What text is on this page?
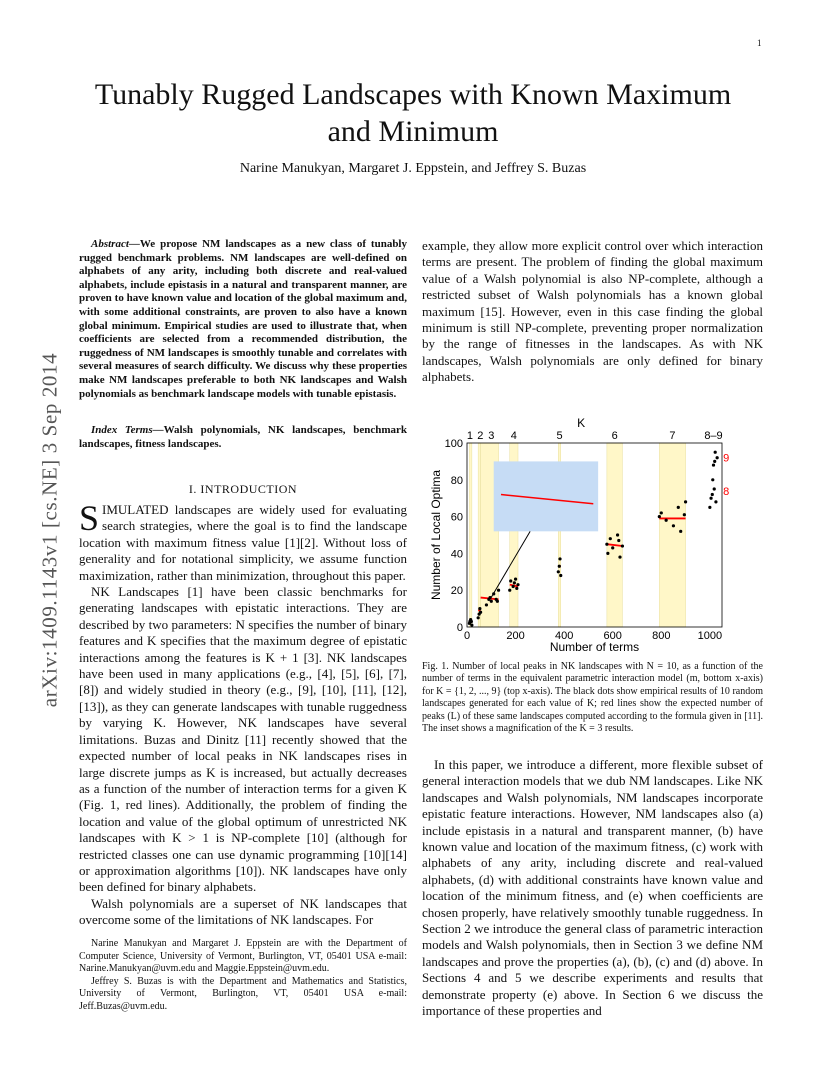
1
arXiv:1409.1143v1 [cs.NE] 3 Sep 2014
Tunably Rugged Landscapes with Known Maximum and Minimum
Narine Manukyan, Margaret J. Eppstein, and Jeffrey S. Buzas

Abstract—We propose NM landscapes as a new class of tunably rugged benchmark problems. NM landscapes are well-defined on alphabets of any arity, including both discrete and real-valued alphabets, include epistasis in a natural and transparent manner, are proven to have known value and location of the global maximum and, with some additional constraints, are proven to also have a known global minimum. Empirical studies are used to illustrate that, when coefficients are selected from a recommended distribution, the ruggedness of NM landscapes is smoothly tunable and correlates with several measures of search difficulty. We discuss why these properties make NM landscapes preferable to both NK landscapes and Walsh polynomials as benchmark landscape models with tunable epistasis.

Index Terms—Walsh polynomials, NK landscapes, benchmark landscapes, fitness landscapes.

I. INTRODUCTION

SIMULATED landscapes are widely used for evaluating search strategies, where the goal is to find the landscape location with maximum fitness value [1][2]. Without loss of generality and for notational simplicity, we assume function maximization, rather than minimization, throughout this paper.

NK Landscapes [1] have been classic benchmarks for generating landscapes with epistatic interactions. They are described by two parameters: N specifies the number of binary features and K specifies that the maximum degree of epistatic interactions among the features is K + 1 [3]. NK landscapes have been used in many applications (e.g., [4], [5], [6], [7], [8]) and widely studied in theory (e.g., [9], [10], [11], [12], [13]), as they can generate landscapes with tunable ruggedness by varying K. However, NK landscapes have several limitations. Buzas and Dinitz [11] recently showed that the expected number of local peaks in NK landscapes rises in large discrete jumps as K is increased, but actually decreases as a function of the number of interaction terms for a given K (Fig. 1, red lines). Additionally, the problem of finding the location and value of the global optimum of unrestricted NK landscapes with K > 1 is NP-complete [10] (although for restricted classes one can use dynamic programming [10][14] or approximation algorithms [10]). NK landscapes have only been defined for binary alphabets.

Walsh polynomials are a superset of NK landscapes that overcome some of the limitations of NK landscapes. For

Narine Manukyan and Margaret J. Eppstein are with the Department of Computer Science, University of Vermont, Burlington, VT, 05401 USA e-mail: Narine.Manukyan@uvm.edu and Maggie.Eppstein@uvm.edu.

Jeffrey S. Buzas is with the Department and Mathematics and Statistics, University of Vermont, Burlington, VT, 05401 USA e-mail: Jeff.Buzas@uvm.edu.

example, they allow more explicit control over which interaction terms are present. The problem of finding the global maximum value of a Walsh polynomial is also NP-complete, although a restricted subset of Walsh polynomials has a known global maximum [15]. However, even in this case finding the global minimum is still NP-complete, preventing proper normalization by the range of fitnesses in the landscapes. As with NK landscapes, Walsh polynomials are only defined for binary alphabets.
0	200	400	600	800 1000
0
20
40
60
80
100
1 2 3 4	5	6	7	8–9
K
Number of terms
Number of Local Optima
9
8
Fig. 1. Number of local peaks in NK landscapes with N = 10, as a function of the number of terms in the equivalent parametric interaction model (m, bottom x-axis) for K = {1, 2, ..., 9} (top x-axis). The black dots show empirical results of 10 random landscapes generated for each value of K; red lines show the expected number of peaks (L) of these same landscapes computed according to the formula given in [11]. The inset shows a magnification of the K = 3 results.
In this paper, we introduce a different, more flexible subset of general interaction models that we dub NM landscapes. Like NK landscapes and Walsh polynomials, NM landscapes incorporate epistatic feature interactions. However, NM landscapes also (a) include epistasis in a natural and transparent manner, (b) have known value and location of the maximum fitness, (c) work with alphabets of any arity, including discrete and real-valued alphabets, (d) with additional constraints have known value and location of the minimum fitness, and (e) when coefficients are chosen properly, have relatively smoothly tunable ruggedness. In Section 2 we introduce the general class of parametric interaction models and Walsh polynomials, then in Section 3 we define NM landscapes and prove the properties (a), (b), (c) and (d) above. In Sections 4 and 5 we describe experiments and results that demonstrate property (e) above. In Section 6 we discuss the importance of these properties and
